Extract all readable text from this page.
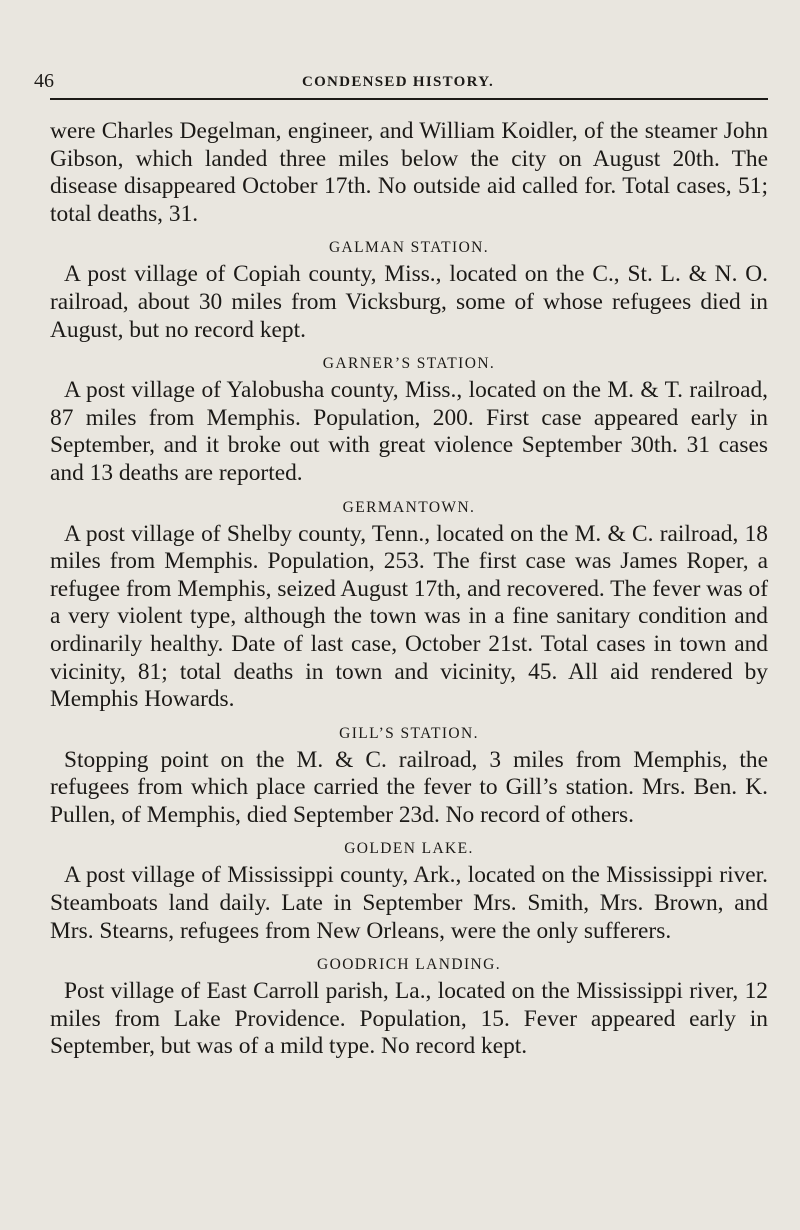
46	CONDENSED HISTORY.

were Charles Degelman, engineer, and William Koidler, of the steamer John Gibson, which landed three miles below the city on August 20th. The disease disappeared October 17th. No outside aid called for. Total cases, 51; total deaths, 31.

GALMAN STATION.

A post village of Copiah county, Miss., located on the C., St. L. & N. O. railroad, about 30 miles from Vicksburg, some of whose refugees died in August, but no record kept.

GARNER’S STATION.

A post village of Yalobusha county, Miss., located on the M. & T. railroad, 87 miles from Memphis. Population, 200. First case appeared early in September, and it broke out with great violence September 30th. 31 cases and 13 deaths are reported.

GERMANTOWN.

A post village of Shelby county, Tenn., located on the M. & C. railroad, 18 miles from Memphis. Population, 253. The first case was James Roper, a refugee from Memphis, seized August 17th, and recovered. The fever was of a very violent type, although the town was in a fine sanitary condition and ordinarily healthy. Date of last case, October 21st. Total cases in town and vicinity, 81; total deaths in town and vicinity, 45. All aid rendered by Memphis Howards.

GILL’S STATION.

Stopping point on the M. & C. railroad, 3 miles from Memphis, the refugees from which place carried the fever to Gill’s station. Mrs. Ben. K. Pullen, of Memphis, died September 23d. No record of others.

GOLDEN LAKE.

A post village of Mississippi county, Ark., located on the Mississippi river. Steamboats land daily. Late in September Mrs. Smith, Mrs. Brown, and Mrs. Stearns, refugees from New Orleans, were the only sufferers.

GOODRICH LANDING.

Post village of East Carroll parish, La., located on the Mississippi river, 12 miles from Lake Providence. Population, 15. Fever appeared early in September, but was of a mild type. No record kept.
